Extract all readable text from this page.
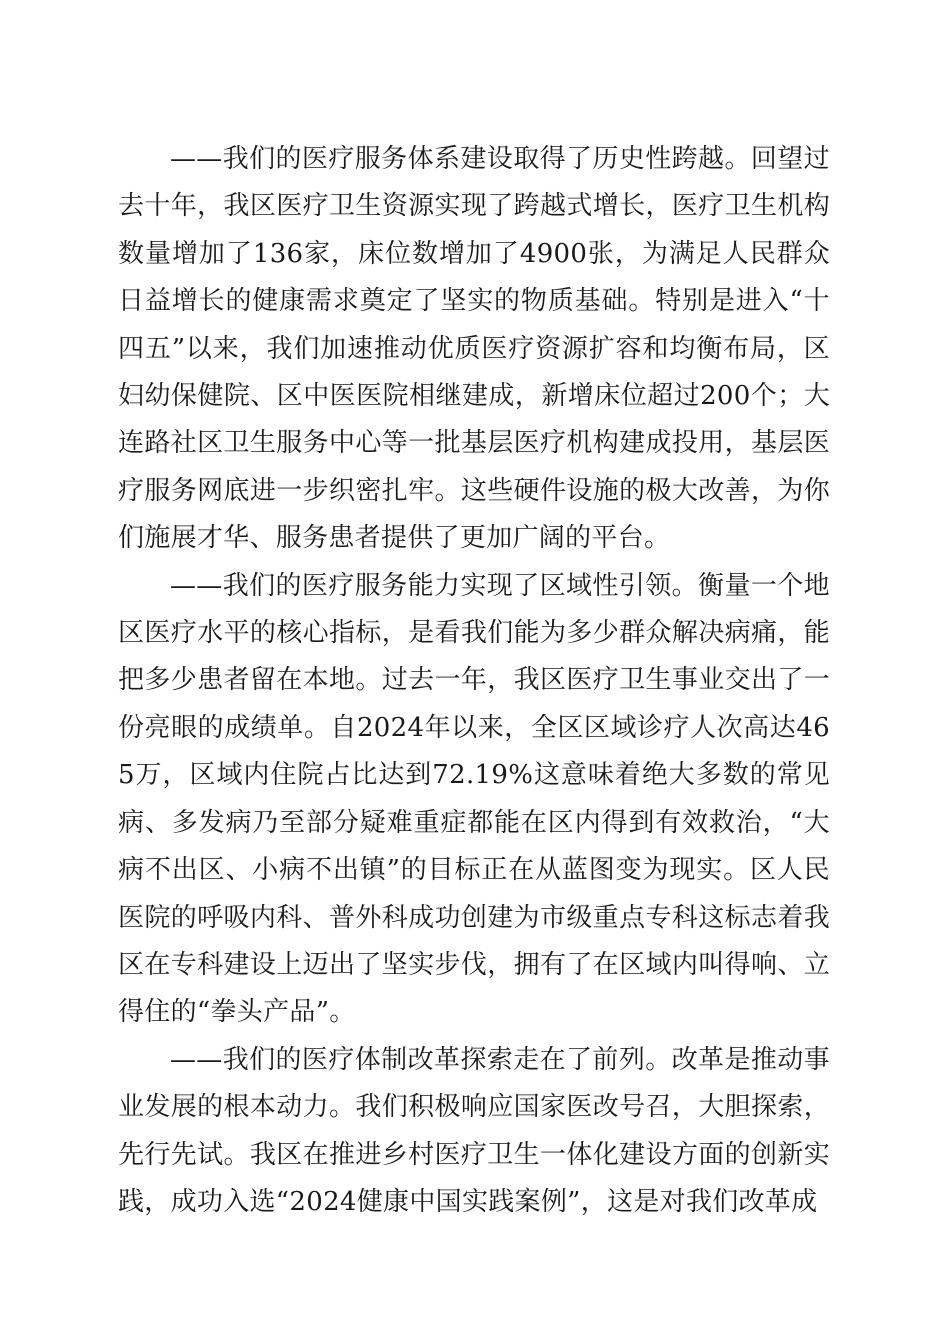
——我们的医疗服务体系建设取得了历史性跨越。回望过去十年，我区医疗卫生资源实现了跨越式增长，医疗卫生机构数量增加了136家，床位数增加了4900张，为满足人民群众日益增长的健康需求奠定了坚实的物质基础。特别是进入“十四五”以来，我们加速推动优质医疗资源扩容和均衡布局，区妇幼保健院、区中医医院相继建成，新增床位超过200个；大连路社区卫生服务中心等一批基层医疗机构建成投用，基层医疗服务网底进一步织密扎牢。这些硬件设施的极大改善，为你们施展才华、服务患者提供了更加广阔的平台。

——我们的医疗服务能力实现了区域性引领。衡量一个地区医疗水平的核心指标，是看我们能为多少群众解决病痛，能把多少患者留在本地。过去一年，我区医疗卫生事业交出了一份亮眼的成绩单。自2024年以来，全区区域诊疗人次高达465万，区域内住院占比达到72.19%这意味着绝大多数的常见病、多发病乃至部分疑难重症都能在区内得到有效救治，“大病不出区、小病不出镇”的目标正在从蓝图变为现实。区人民医院的呼吸内科、普外科成功创建为市级重点专科这标志着我区在专科建设上迈出了坚实步伐，拥有了在区域内叫得响、立得住的“拳头产品”。

——我们的医疗体制改革探索走在了前列。改革是推动事业发展的根本动力。我们积极响应国家医改号召，大胆探索，先行先试。我区在推进乡村医疗卫生一体化建设方面的创新实践，成功入选“2024健康中国实践案例”，这是对我们改革成
